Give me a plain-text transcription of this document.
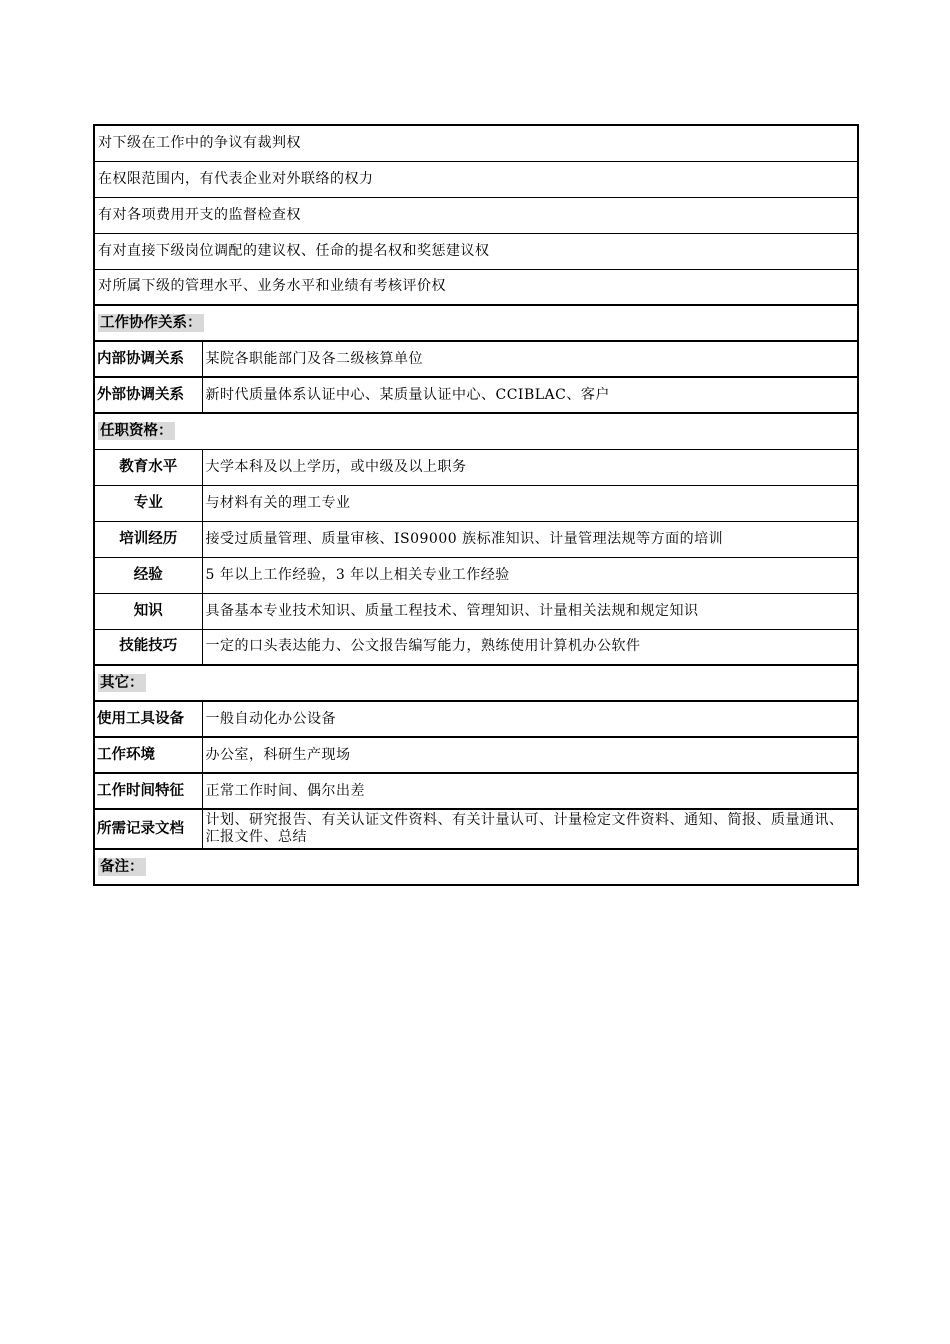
对下级在工作中的争议有裁判权	
在权限范围内，有代表企业对外联络的权力	
有对各项费用开支的监督检查权	
有对直接下级岗位调配的建议权、任命的提名权和奖惩建议权	
对所属下级的管理水平、业务水平和业绩有考核评价权	
工作协作关系：	
内部协调关系	某院各职能部门及各二级核算单位
外部协调关系	新时代质量体系认证中心、某质量认证中心、CCIBLAC、客户
任职资格：	
教育水平	大学本科及以上学历，或中级及以上职务
专业	与材料有关的理工专业
培训经历	接受过质量管理、质量审核、IS09000 族标准知识、计量管理法规等方面的培训
经验	5 年以上工作经验，3 年以上相关专业工作经验
知识	具备基本专业技术知识、质量工程技术、管理知识、计量相关法规和规定知识
技能技巧	一定的口头表达能力、公文报告编写能力，熟练使用计算机办公软件
其它：	
使用工具设备	一般自动化办公设备
工作环境	办公室，科研生产现场
工作时间特征	正常工作时间、偶尔出差
所需记录文档	计划、研究报告、有关认证文件资料、有关计量认可、计量检定文件资料、通知、简报、质量通讯、汇报文件、总结
备注：	
